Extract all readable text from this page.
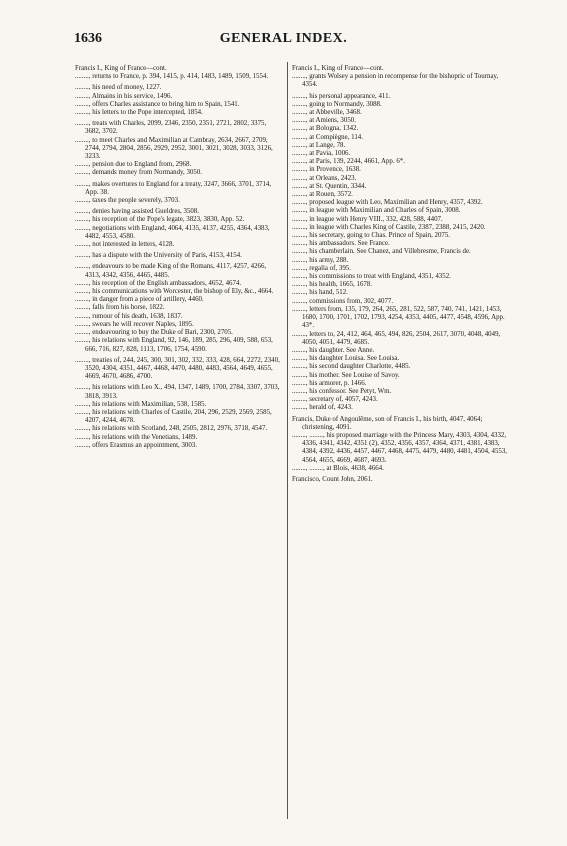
1636	GENERAL INDEX.

Francis I., King of France—cont.

........, returns to France, p. 394, 1415, p. 414, 1483, 1489, 1509, 1554.

........, his need of money, 1227.

........, Almains in his service, 1496.

........, offers Charles assistance to bring him to Spain, 1541.

........, his letters to the Pope intercepted, 1854.

........, treats with Charles, 2099, 2346, 2350, 2351, 2721, 2802, 3375, 3682, 3702.

........, to meet Charles and Maximilian at Cambray, 2634, 2667, 2709, 2744, 2794, 2804, 2856, 2929, 2952, 3001, 3021, 3028, 3033, 3126, 3233.

........, pension due to England from, 2968.

........, demands money from Normandy, 3050.

........, makes overtures to England for a treaty, 3247, 3666, 3701, 3714, App. 38.

........, taxes the people severely, 3703.

........, denies having assisted Gueldres, 3508.

........, his reception of the Pope's legate, 3823, 3830, App. 52.

........, negotiations with England, 4064, 4135, 4137, 4255, 4364, 4383, 4482, 4553, 4580.

........, not interested in letters, 4128.

........, has a dispute with the University of Paris, 4153, 4154.

........, endeavours to be made King of the Romans, 4117, 4257, 4266, 4313, 4342, 4356, 4465, 4485.

........, his reception of the English ambassadors, 4652, 4674.

........, his communications with Worcester, the bishop of Ely, &c., 4664.

........, in danger from a piece of artillery, 4460.

........, falls from his horse, 1822.

........, rumour of his death, 1638, 1837.

........, swears he will recover Naples, 1895.

........, endeavouring to buy the Duke of Bari, 2300, 2705.

........, his relations with England, 92, 146, 189, 285, 296, 409, 588, 653, 666, 716, 827, 828, 1113, 1706, 1754, 4590.

........, treaties of, 244, 245, 300, 301, 302, 332, 333, 428, 664, 2272, 2340, 3520, 4304, 4351, 4467, 4468, 4470, 4480, 4483, 4564, 4649, 4655, 4669, 4670, 4686, 4700.

........, his relations with Leo X., 494, 1347, 1489, 1700, 2784, 3307, 3703, 3818, 3913.

........, his relations with Maximilian, 538, 1585.

........, his relations with Charles of Castile, 204, 296, 2529, 2569, 2585, 4207, 4244, 4678.

........, his relations with Scotland, 248, 2505, 2812, 2976, 3718, 4547.

........, his relations with the Venetians, 1489.

........, offers Erasmus an appointment, 3003.

Francis I., King of France—cont.

........, grants Wolsey a pension in recompense for the bishopric of Tournay, 4354.

........, his personal appearance, 411.

........, going to Normandy, 3088.

........, at Abbeville, 3468.

........, at Amiens, 3050.

........, at Bologna, 1342.

........, at Compiègne, 114.

........, at Lange, 78.

........, at Pavia, 1006.

........, at Paris, 139, 2244, 4661, App. 6*.

........, in Provence, 1638.

........, at Orleans, 2423.

........, at St. Quentin, 3344.

........, at Rouen, 3572.

........, proposed league with Leo, Maximilian and Henry, 4357, 4392.

........, in league with Maximilian and Charles of Spain, 3008.

........, in league with Henry VIII., 332, 428, 588, 4407.

........, in league with Charles King of Castile, 2387, 2388, 2415, 2420.

........, his secretary, going to Chas. Prince of Spain, 2075.

........, his ambassadors. See France.

........, his chamberlain. See Chanez, and Villebresme, Francis de.

........, his army, 288.

........, regalia of, 395.

........, his commissions to treat with England, 4351, 4352.

........, his health, 1665, 1678.

........, his hand, 512.

........, commissions from, 302, 4077.

........, letters from, 135, 179, 264, 265, 281, 522, 587, 740, 741, 1421, 1453, 1680, 1700, 1701, 1702, 1793, 4254, 4353, 4405, 4477, 4548, 4596, App. 43*.

........, letters to, 24, 412, 464, 465, 494, 826, 2504, 2617, 3070, 4048, 4049, 4050, 4051, 4479, 4685.

........, his daughter. See Anne.

........, his daughter Louisa. See Louisa.

........, his second daughter Charlotte, 4485.

........, his mother. See Louise of Savoy.

........, his armorer, p. 1466.

........, his confessor. See Petyt, Wm.

........, secretary of, 4057, 4243.

........, herald of, 4243.

Francis, Duke of Angoulême, son of Francis I., his birth, 4047, 4064; christening, 4091.

........, ........, his proposed marriage with the Princess Mary, 4303, 4304, 4332, 4336, 4341, 4342, 4351 (2), 4352, 4356, 4357, 4364, 4371, 4381, 4383, 4384, 4392, 4436, 4457, 4467, 4468, 4475, 4479, 4480, 4481, 4504, 4553, 4564, 4655, 4669, 4687, 4693.

........, ........, at Blois, 4638, 4664.

Francisco, Count John, 2061.
